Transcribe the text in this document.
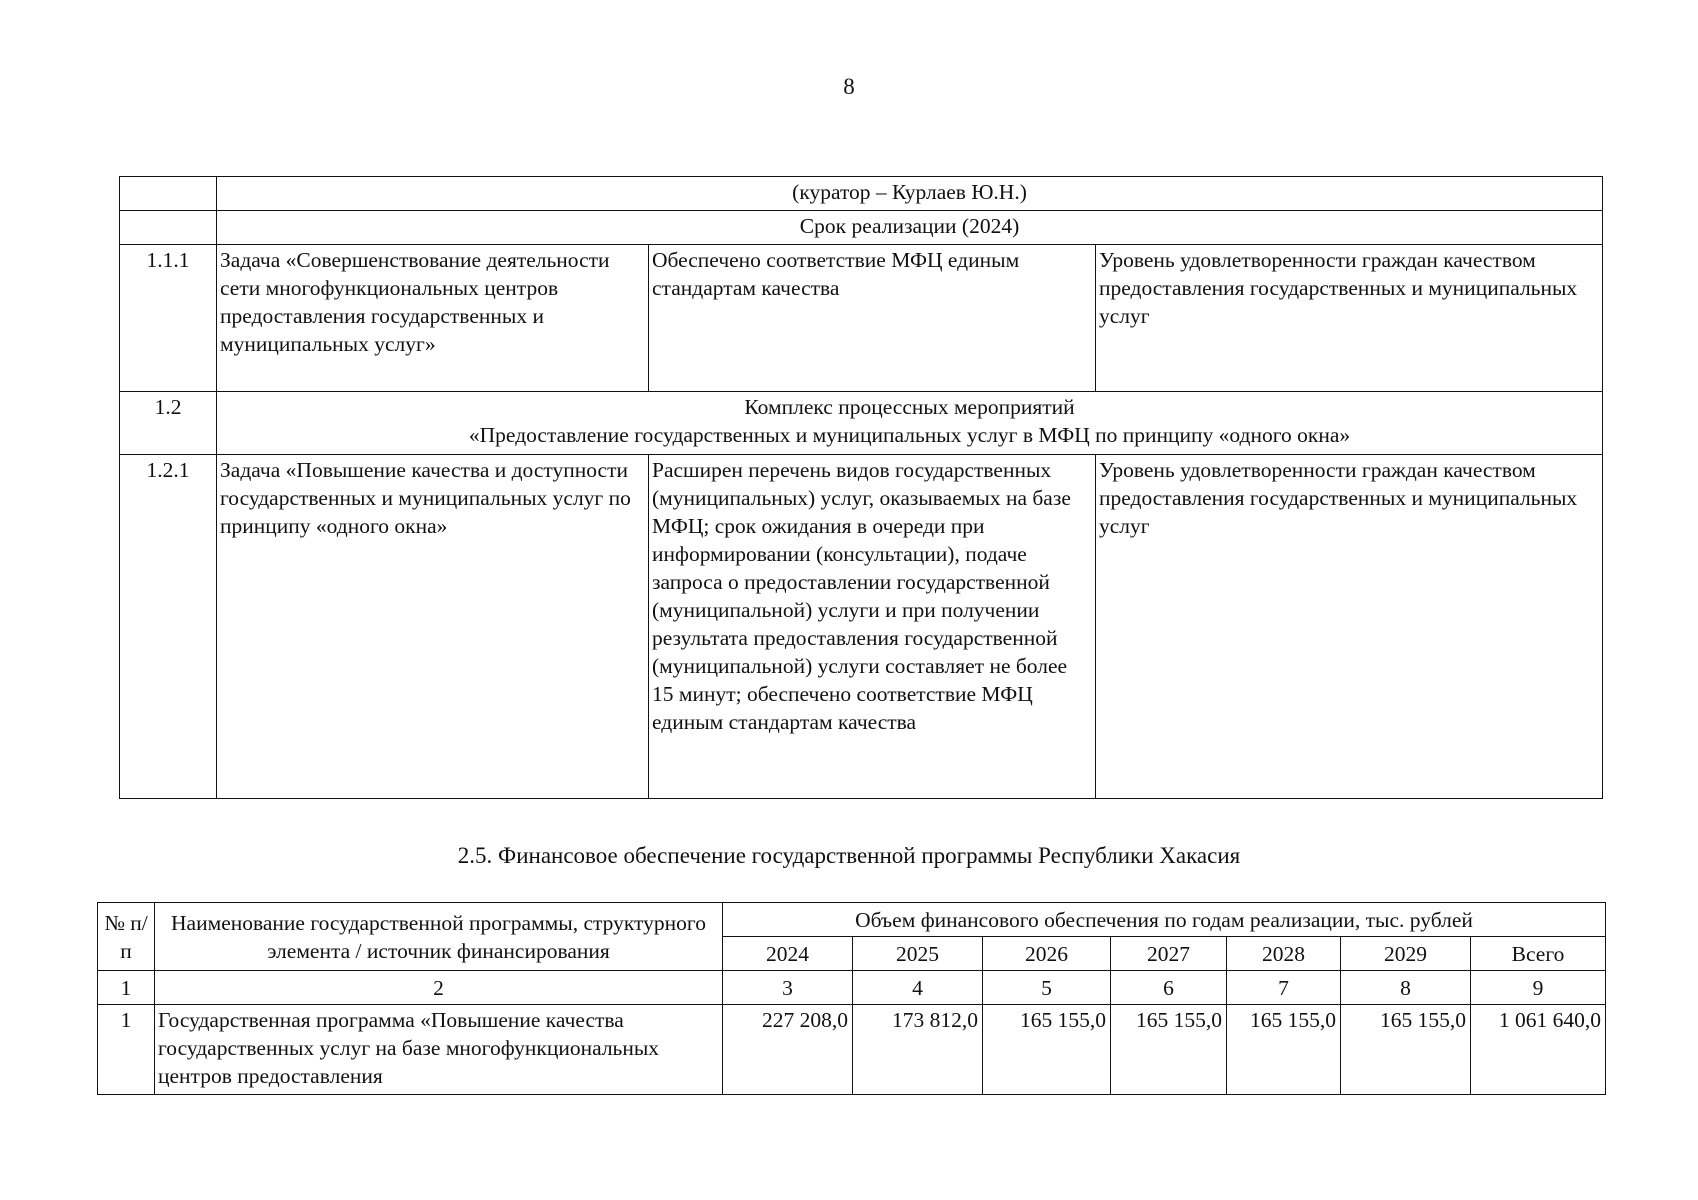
8
	(куратор – Курлаев Ю.Н.)		
	Срок реализации (2024)		
1.1.1	Задача «Совершенствование деятельности сети многофункциональных центров предоставления государственных и муниципальных услуг»	Обеспечено соответствие МФЦ единым стандартам качества	Уровень удовлетворенности граждан качеством предоставления государственных и муниципальных услуг
1.2	Комплекс процессных мероприятий
«Предоставление государственных и муниципальных услуг в МФЦ по принципу «одного окна»		

1.2.1	Задача «Повышение качества и доступности государственных и муниципальных услуг по принципу «одного окна»	Расширен перечень видов государственных (муниципальных) услуг, оказываемых на базе МФЦ; срок ожидания в очереди при информировании (консультации), подаче запроса о предоставлении государственной (муниципальной) услуги и при получении результата предоставления государственной (муниципальной) услуги составляет не более 15 минут; обеспечено соответствие МФЦ единым стандартам качества	Уровень удовлетворенности граждан качеством предоставления государственных и муниципальных услуг
2.5. Финансовое обеспечение государственной программы Республики Хакасия
№ п/п	Наименование государственной программы, структурного элемента / источник финансирования	Объем финансового обеспечения по годам реализации, тыс. рублей						
		2024	2025	2026	2027	2028	2029	Всего
1	2	3	4	5	6	7	8	9
1	Государственная программа «Повышение качества государственных услуг на базе многофункциональных центров предоставления	227 208,0	173 812,0	165 155,0	165 155,0	165 155,0	165 155,0	1 061 640,0
